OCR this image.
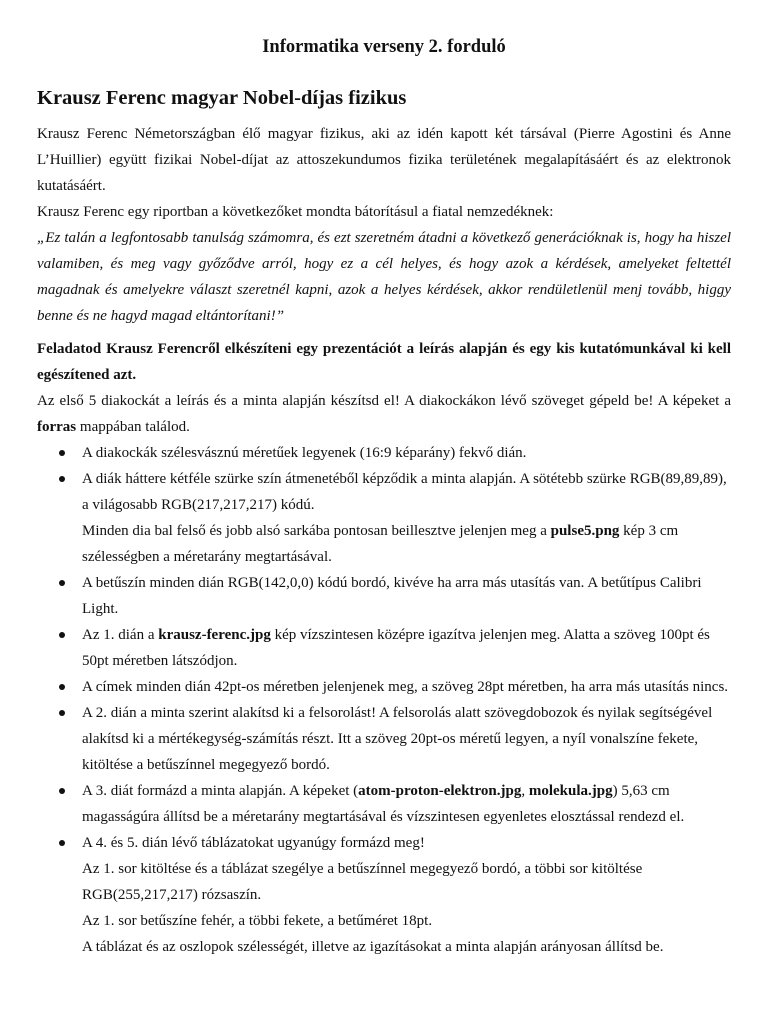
Informatika verseny 2. forduló
Krausz Ferenc magyar Nobel-díjas fizikus

Krausz Ferenc Németországban élő magyar fizikus, aki az idén kapott két társával (Pierre Agostini és Anne L’Huillier) együtt fizikai Nobel-díjat az attoszekundumos fizika területének megalapításáért és az elektronok kutatásáért.

Krausz Ferenc egy riportban a következőket mondta bátorításul a fiatal nemzedéknek:

„Ez talán a legfontosabb tanulság számomra, és ezt szeretném átadni a következő generációknak is, hogy ha hiszel valamiben, és meg vagy győződve arról, hogy ez a cél helyes, és hogy azok a kérdések, amelyeket feltettél magadnak és amelyekre választ szeretnél kapni, azok a helyes kérdések, akkor rendületlenül menj tovább, higgy benne és ne hagyd magad eltántorítani!”

Feladatod Krausz Ferencről elkészíteni egy prezentációt a leírás alapján és egy kis kutatómunkával ki kell egészítened azt.

Az első 5 diakockát a leírás és a minta alapján készítsd el! A diakockákon lévő szöveget gépeld be! A képeket a forras mappában találod.

A diakockák szélesvásznú méretűek legyenek (16:9 képarány) fekvő dián.
A diák háttere kétféle szürke szín átmenetéből képződik a minta alapján. A sötétebb szürke RGB(89,89,89), a világosabb RGB(217,217,217) kódú.
Minden dia bal felső és jobb alsó sarkába pontosan beillesztve jelenjen meg a pulse5.png kép 3 cm szélességben a méretarány megtartásával.
A betűszín minden dián RGB(142,0,0) kódú bordó, kivéve ha arra más utasítás van. A betűtípus Calibri Light.
Az 1. dián a krausz-ferenc.jpg kép vízszintesen középre igazítva jelenjen meg. Alatta a szöveg 100pt és 50pt méretben látszódjon.
A címek minden dián 42pt-os méretben jelenjenek meg, a szöveg 28pt méretben, ha arra más utasítás nincs.
A 2. dián a minta szerint alakítsd ki a felsorolást! A felsorolás alatt szövegdobozok és nyilak segítségével alakítsd ki a mértékegység-számítás részt. Itt a szöveg 20pt-os méretű legyen, a nyíl vonalszíne fekete, kitöltése a betűszínnel megegyező bordó.
A 3. diát formázd a minta alapján. A képeket (atom-proton-elektron.jpg, molekula.jpg) 5,63 cm magasságúra állítsd be a méretarány megtartásával és vízszintesen egyenletes elosztással rendezd el.
A 4. és 5. dián lévő táblázatokat ugyanúgy formázd meg!
Az 1. sor kitöltése és a táblázat szegélye a betűszínnel megegyező bordó, a többi sor kitöltése RGB(255,217,217) rózsaszín.
Az 1. sor betűszíne fehér, a többi fekete, a betűméret 18pt.
A táblázat és az oszlopok szélességét, illetve az igazításokat a minta alapján arányosan állítsd be.
